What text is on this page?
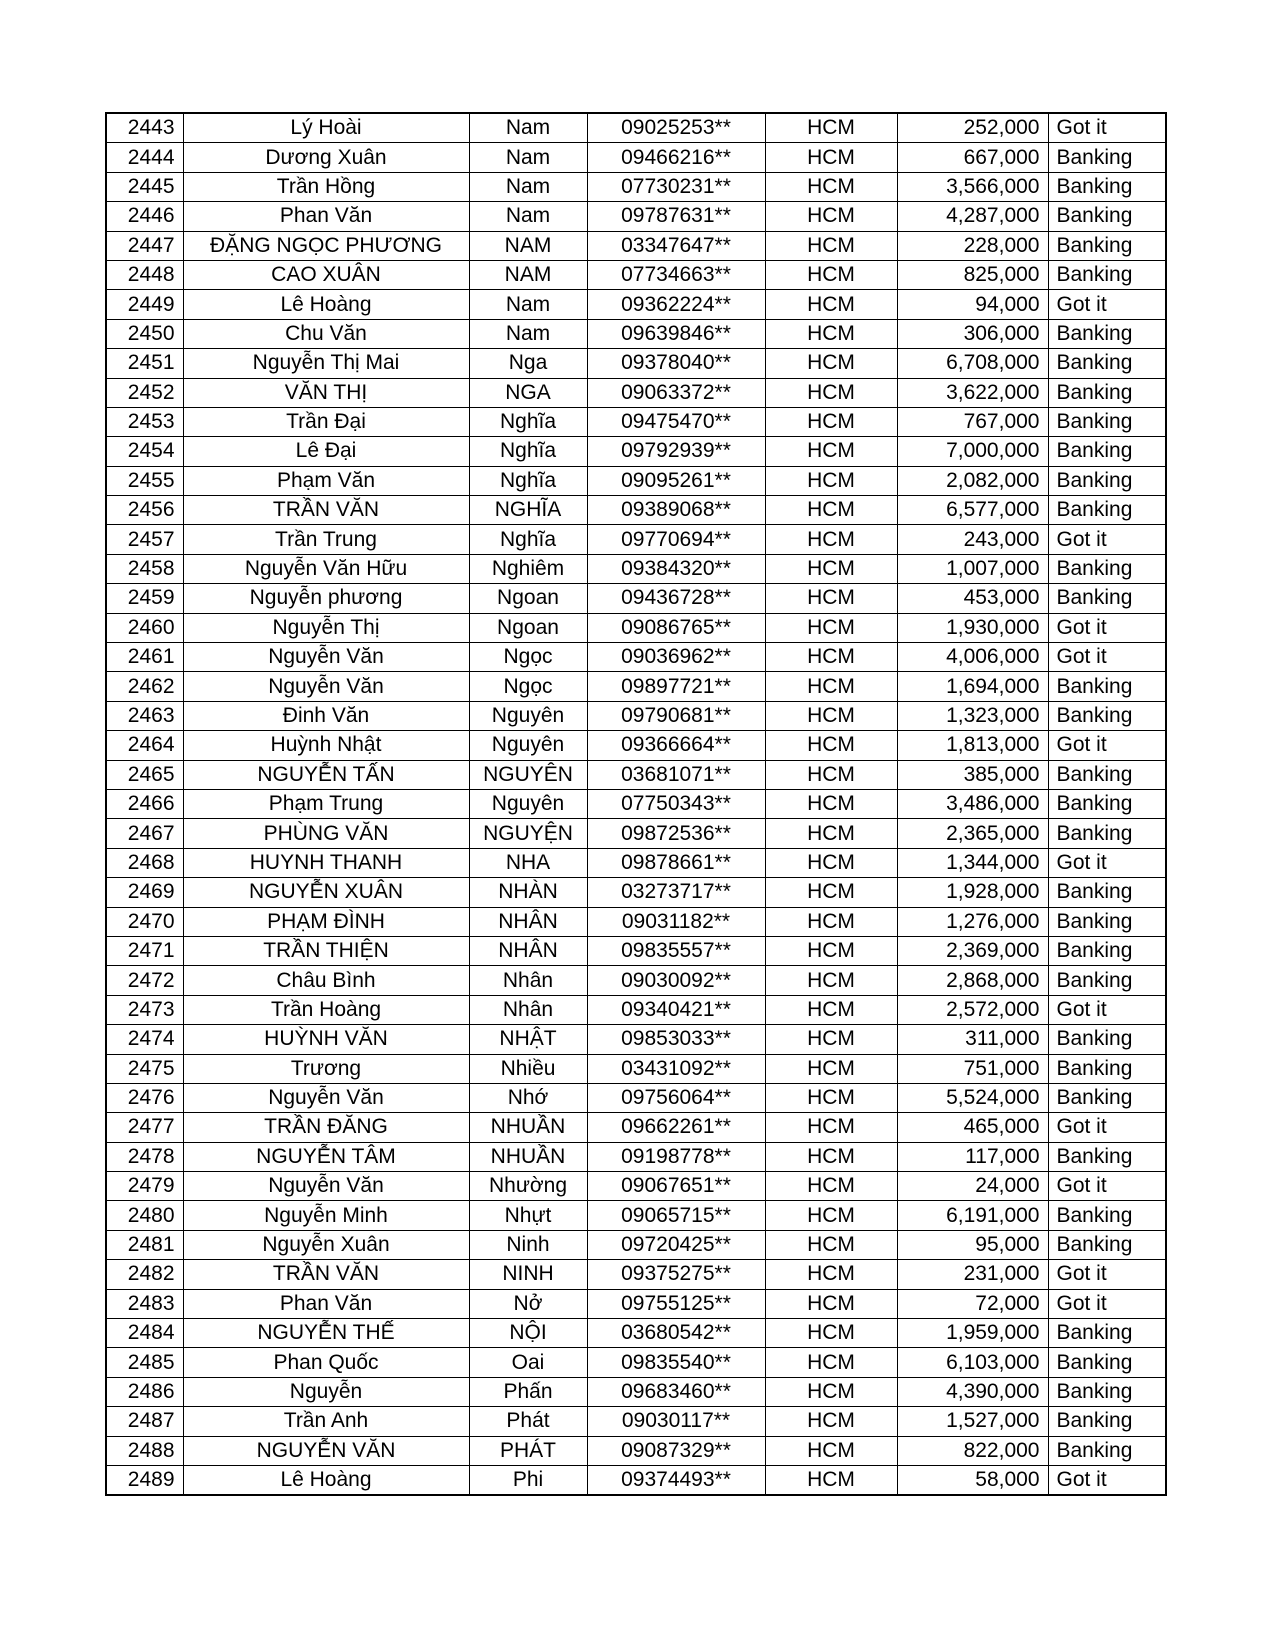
2443	Lý Hoài	Nam	09025253**	HCM	252,000	Got it
2444	Dương Xuân	Nam	09466216**	HCM	667,000	Banking
2445	Trần Hồng	Nam	07730231**	HCM	3,566,000	Banking
2446	Phan Văn	Nam	09787631**	HCM	4,287,000	Banking
2447	ĐẶNG NGỌC PHƯƠNG	NAM	03347647**	HCM	228,000	Banking
2448	CAO XUÂN	NAM	07734663**	HCM	825,000	Banking
2449	Lê Hoàng	Nam	09362224**	HCM	94,000	Got it
2450	Chu Văn	Nam	09639846**	HCM	306,000	Banking
2451	Nguyễn Thị Mai	Nga	09378040**	HCM	6,708,000	Banking
2452	VĂN THỊ	NGA	09063372**	HCM	3,622,000	Banking
2453	Trần Đại	Nghĩa	09475470**	HCM	767,000	Banking
2454	Lê Đại	Nghĩa	09792939**	HCM	7,000,000	Banking
2455	Phạm Văn	Nghĩa	09095261**	HCM	2,082,000	Banking
2456	TRẦN VĂN	NGHĨA	09389068**	HCM	6,577,000	Banking
2457	Trần Trung	Nghĩa	09770694**	HCM	243,000	Got it
2458	Nguyễn Văn Hữu	Nghiêm	09384320**	HCM	1,007,000	Banking
2459	Nguyễn phương	Ngoan	09436728**	HCM	453,000	Banking
2460	Nguyễn Thị	Ngoan	09086765**	HCM	1,930,000	Got it
2461	Nguyễn Văn	Ngọc	09036962**	HCM	4,006,000	Got it
2462	Nguyễn Văn	Ngọc	09897721**	HCM	1,694,000	Banking
2463	Đinh Văn	Nguyên	09790681**	HCM	1,323,000	Banking
2464	Huỳnh Nhật	Nguyên	09366664**	HCM	1,813,000	Got it
2465	NGUYỄN TẤN	NGUYÊN	03681071**	HCM	385,000	Banking
2466	Phạm Trung	Nguyên	07750343**	HCM	3,486,000	Banking
2467	PHÙNG VĂN	NGUYỆN	09872536**	HCM	2,365,000	Banking
2468	HUYNH THANH	NHA	09878661**	HCM	1,344,000	Got it
2469	NGUYỄN XUÂN	NHÀN	03273717**	HCM	1,928,000	Banking
2470	PHẠM ĐÌNH	NHÂN	09031182**	HCM	1,276,000	Banking
2471	TRẦN THIỆN	NHÂN	09835557**	HCM	2,369,000	Banking
2472	Châu Bình	Nhân	09030092**	HCM	2,868,000	Banking
2473	Trần Hoàng	Nhân	09340421**	HCM	2,572,000	Got it
2474	HUỲNH VĂN	NHẬT	09853033**	HCM	311,000	Banking
2475	Trương	Nhiều	03431092**	HCM	751,000	Banking
2476	Nguyễn Văn	Nhớ	09756064**	HCM	5,524,000	Banking
2477	TRẦN ĐĂNG	NHUẦN	09662261**	HCM	465,000	Got it
2478	NGUYỄN TÂM	NHUẦN	09198778**	HCM	117,000	Banking
2479	Nguyễn Văn	Nhường	09067651**	HCM	24,000	Got it
2480	Nguyễn Minh	Nhựt	09065715**	HCM	6,191,000	Banking
2481	Nguyễn Xuân	Ninh	09720425**	HCM	95,000	Banking
2482	TRẦN VĂN	NINH	09375275**	HCM	231,000	Got it
2483	Phan Văn	Nở	09755125**	HCM	72,000	Got it
2484	NGUYỄN THẾ	NỘI	03680542**	HCM	1,959,000	Banking
2485	Phan Quốc	Oai	09835540**	HCM	6,103,000	Banking
2486	Nguyễn	Phấn	09683460**	HCM	4,390,000	Banking
2487	Trần Anh	Phát	09030117**	HCM	1,527,000	Banking
2488	NGUYỄN VĂN	PHÁT	09087329**	HCM	822,000	Banking
2489	Lê Hoàng	Phi	09374493**	HCM	58,000	Got it
